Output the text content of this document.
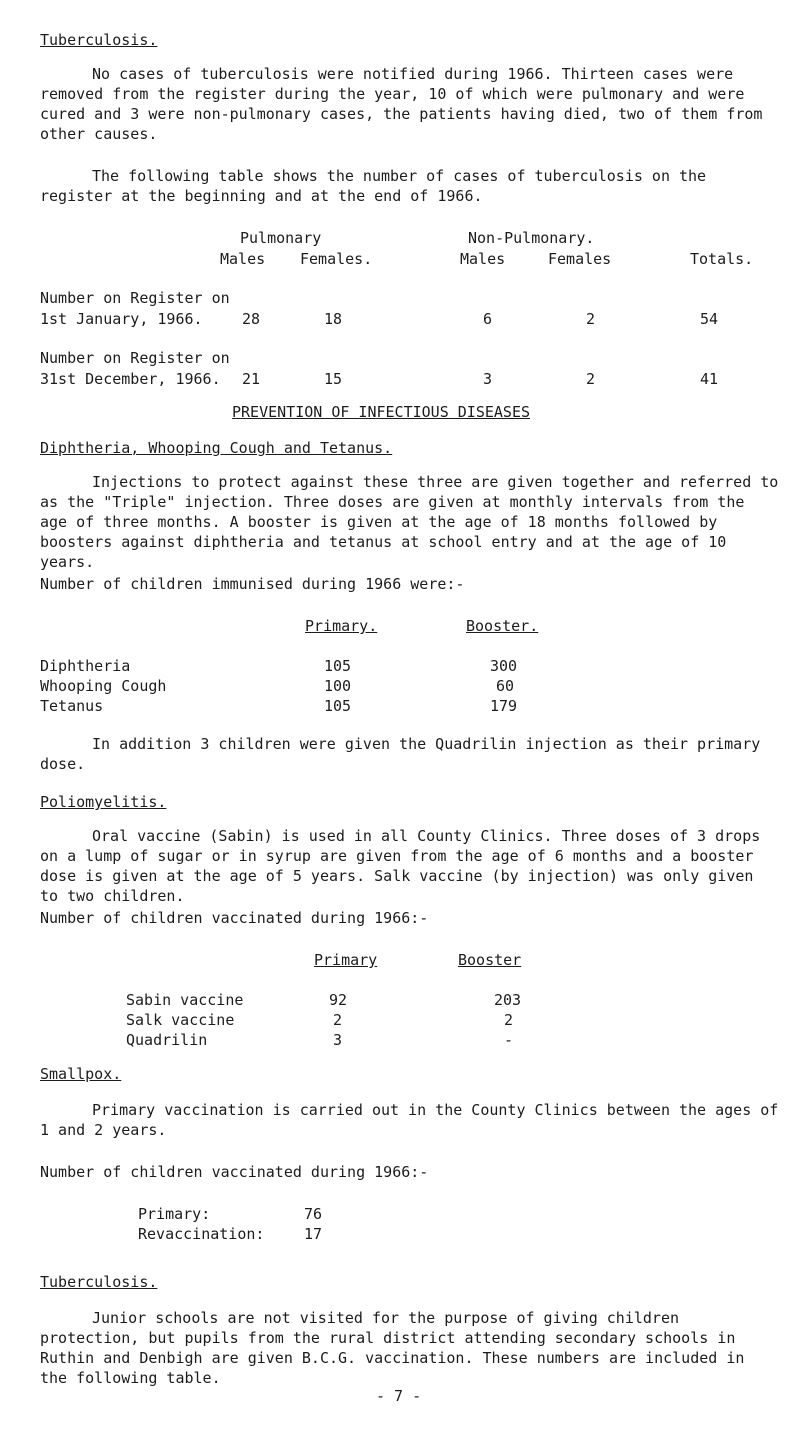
Tuberculosis.
No cases of tuberculosis were notified during 1966. Thirteen cases were removed from the register during the year, 10 of which were pulmonary and were cured and 3 were non-pulmonary cases, the patients having died, two of them from other causes.
The following table shows the number of cases of tuberculosis on the register at the beginning and at the end of 1966.
Pulmonary	Non-Pulmonary.
Males Females.	Males	Females	Totals.
Number on Register on
1st January, 1966.	28	18	6	2	54
Number on Register on
31st December, 1966. 21	15	3	2	41
PREVENTION OF INFECTIOUS DISEASES
Diphtheria, Whooping Cough and Tetanus.
Injections to protect against these three are given together and referred to as the "Triple" injection. Three doses are given at monthly intervals from the age of three months. A booster is given at the age of 18 months followed by boosters against diphtheria and tetanus at school entry and at the age of 10 years.
Number of children immunised during 1966 were:-
Primary.	Booster.
Diphtheria	105	300
Whooping Cough	100	60
Tetanus	105	179
In addition 3 children were given the Quadrilin injection as their primary dose.
Poliomyelitis.
Oral vaccine (Sabin) is used in all County Clinics. Three doses of 3 drops on a lump of sugar or in syrup are given from the age of 6 months and a booster dose is given at the age of 5 years. Salk vaccine (by injection) was only given to two children.
Number of children vaccinated during 1966:-
Primary	Booster
Sabin vaccine	92	203
Salk vaccine	2	2
Quadrilin	3	-
Smallpox.
Primary vaccination is carried out in the County Clinics between the ages of 1 and 2 years.
Number of children vaccinated during 1966:-
Primary:	76
Revaccination:	17
Tuberculosis.
Junior schools are not visited for the purpose of giving children protection, but pupils from the rural district attending secondary schools in Ruthin and Denbigh are given B.C.G. vaccination. These numbers are included in the following table.
- 7 -
